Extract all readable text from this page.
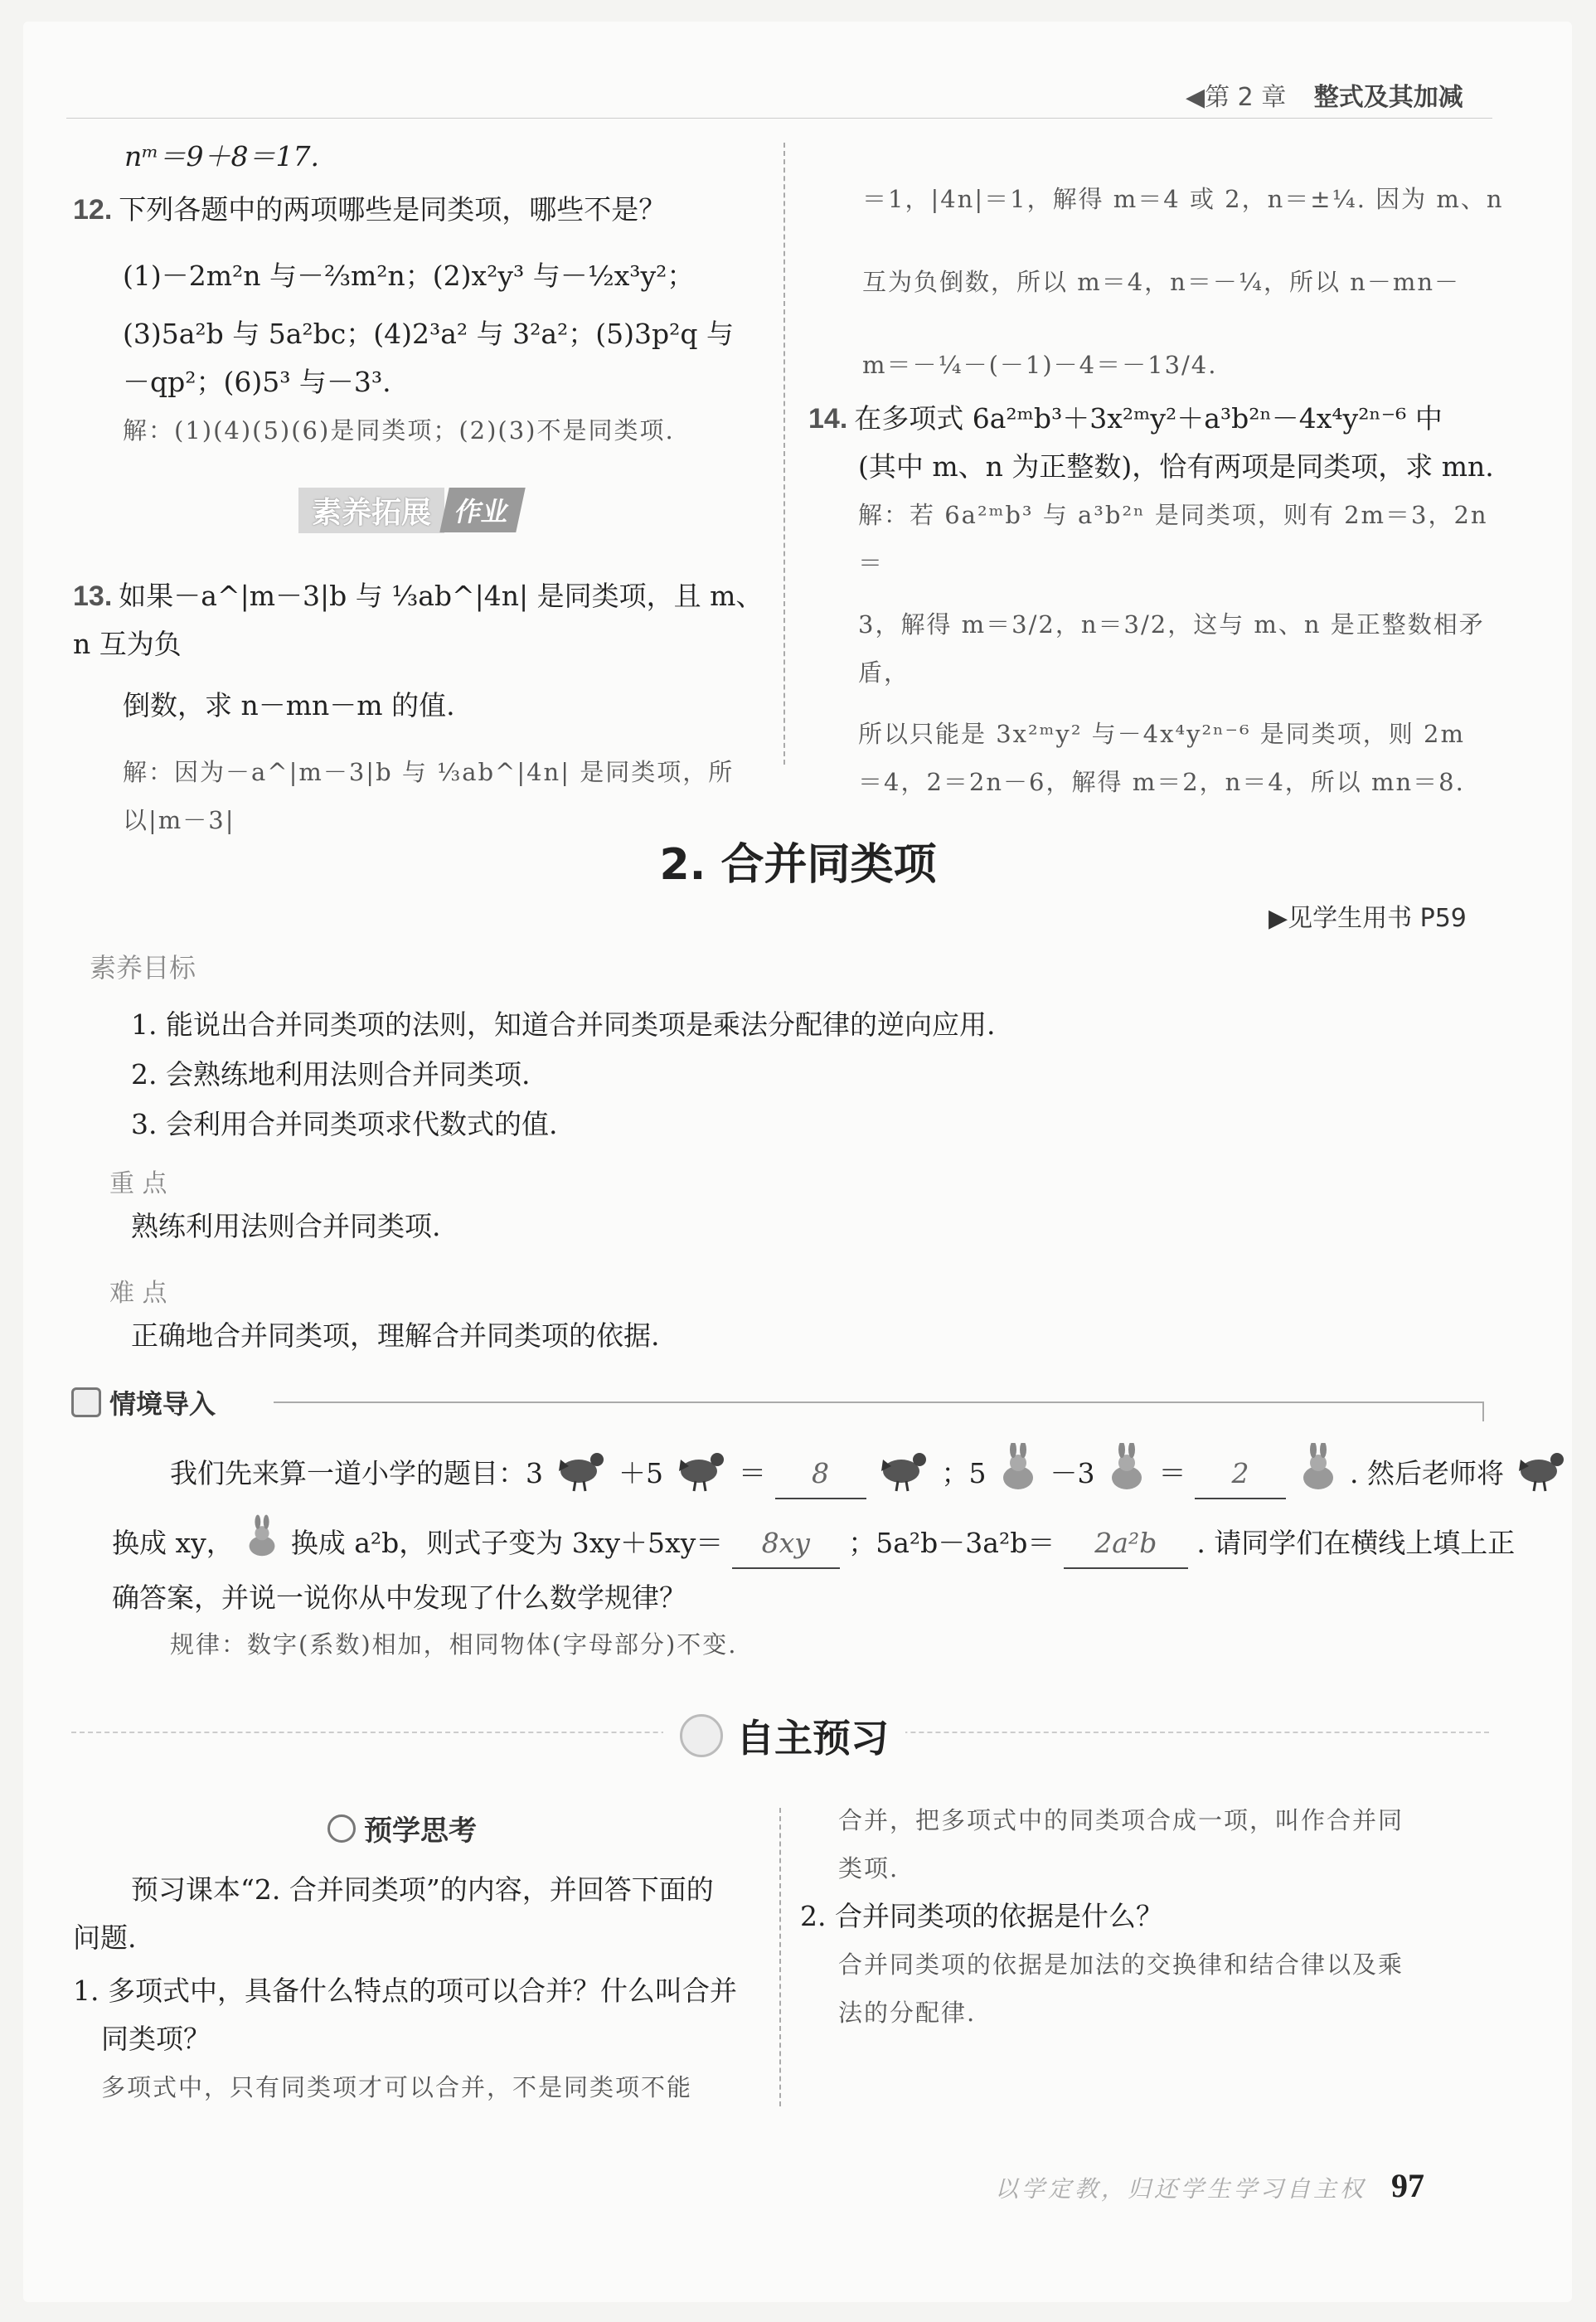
◀第 2 章 整式及其加减
nᵐ＝9＋8＝17.
12. 下列各题中的两项哪些是同类项，哪些不是？
(1)－2m²n 与－⅔m²n；(2)x²y³ 与－½x³y²；
(3)5a²b 与 5a²bc；(4)2³a² 与 3²a²；(5)3p²q 与
－qp²；(6)5³ 与－3³.
解：(1)(4)(5)(6)是同类项；(2)(3)不是同类项.
素养拓展 作业
13. 如果－a^|m－3|b 与 ⅓ab^|4n| 是同类项，且 m、n 互为负
倒数，求 n－mn－m 的值.
解：因为－a^|m－3|b 与 ⅓ab^|4n| 是同类项，所以|m－3|
＝1，|4n|＝1，解得 m＝4 或 2，n＝±¼. 因为 m、n
互为负倒数，所以 m＝4，n＝－¼，所以 n－mn－
m＝－¼－(－1)－4＝－13/4.
14. 在多项式 6a²ᵐb³＋3x²ᵐy²＋a³b²ⁿ－4x⁴y²ⁿ⁻⁶ 中
(其中 m、n 为正整数)，恰有两项是同类项，求 mn.
解：若 6a²ᵐb³ 与 a³b²ⁿ 是同类项，则有 2m＝3，2n＝
3，解得 m＝3/2，n＝3/2，这与 m、n 是正整数相矛盾，
所以只能是 3x²ᵐy² 与－4x⁴y²ⁿ⁻⁶ 是同类项，则 2m
＝4，2＝2n－6，解得 m＝2，n＝4，所以 mn＝8.
2. 合并同类项
▶见学生用书 P59
素养目标
1. 能说出合并同类项的法则，知道合并同类项是乘法分配律的逆向应用.
2. 会熟练地利用法则合并同类项.
3. 会利用合并同类项求代数式的值.
重 点
熟练利用法则合并同类项.
难 点
正确地合并同类项，理解合并同类项的依据.
情境导入
我们先来算一道小学的题目：3	＋5	＝ 8	；5 －3 ＝ 2	. 然后老师将
换成 xy， 换成 a²b，则式子变为 3xy＋5xy＝ 8xy ；5a²b－3a²b＝ 2a²b . 请同学们在横线上填上正
确答案，并说一说你从中发现了什么数学规律？
规律：数字(系数)相加，相同物体(字母部分)不变.
自主预习
预学思考
预习课本“2. 合并同类项”的内容，并回答下面的
问题.
1. 多项式中，具备什么特点的项可以合并？什么叫合并
同类项？
多项式中，只有同类项才可以合并，不是同类项不能
合并，把多项式中的同类项合成一项，叫作合并同
类项.
2. 合并同类项的依据是什么？
合并同类项的依据是加法的交换律和结合律以及乘
法的分配律.
以学定教，归还学生学习自主权 97
